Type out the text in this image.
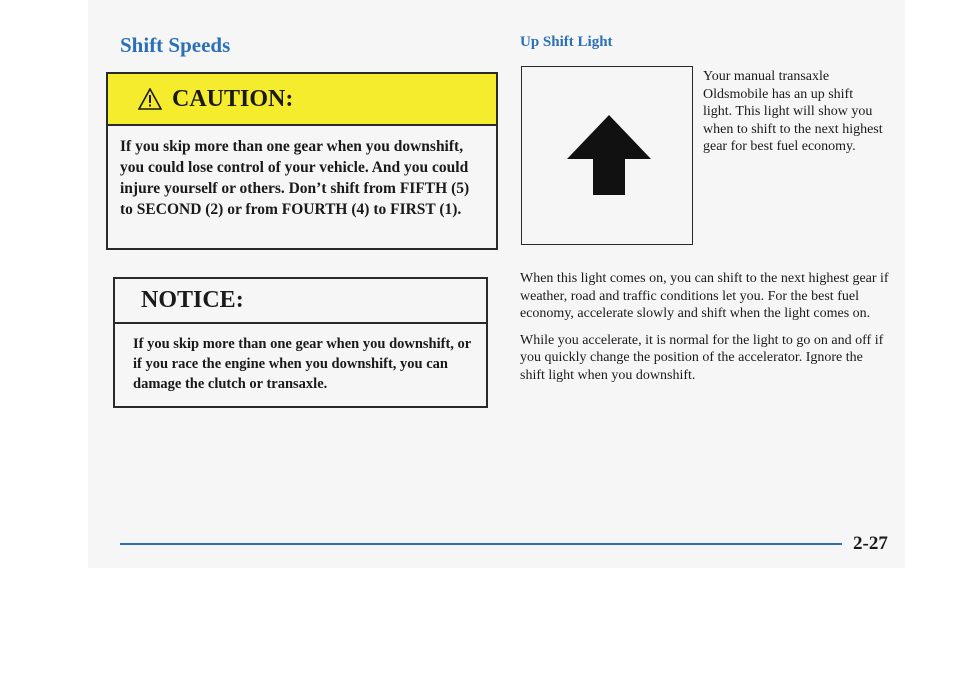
Shift Speeds	Up Shift Light
CAUTION:
If you skip more than one gear when you downshift, you could lose control of your vehicle. And you could injure yourself or others. Don’t shift from FIFTH (5) to SECOND (2) or from FOURTH (4) to FIRST (1).
NOTICE:
If you skip more than one gear when you downshift, or if you race the engine when you downshift, you can damage the clutch or transaxle.
Your manual transaxle Oldsmobile has an up shift light. This light will show you when to shift to the next highest gear for best fuel economy.

When this light comes on, you can shift to the next highest gear if weather, road and traffic conditions let you. For the best fuel economy, accelerate slowly and shift when the light comes on.

While you accelerate, it is normal for the light to go on and off if you quickly change the position of the accelerator. Ignore the shift light when you downshift.

2-27
